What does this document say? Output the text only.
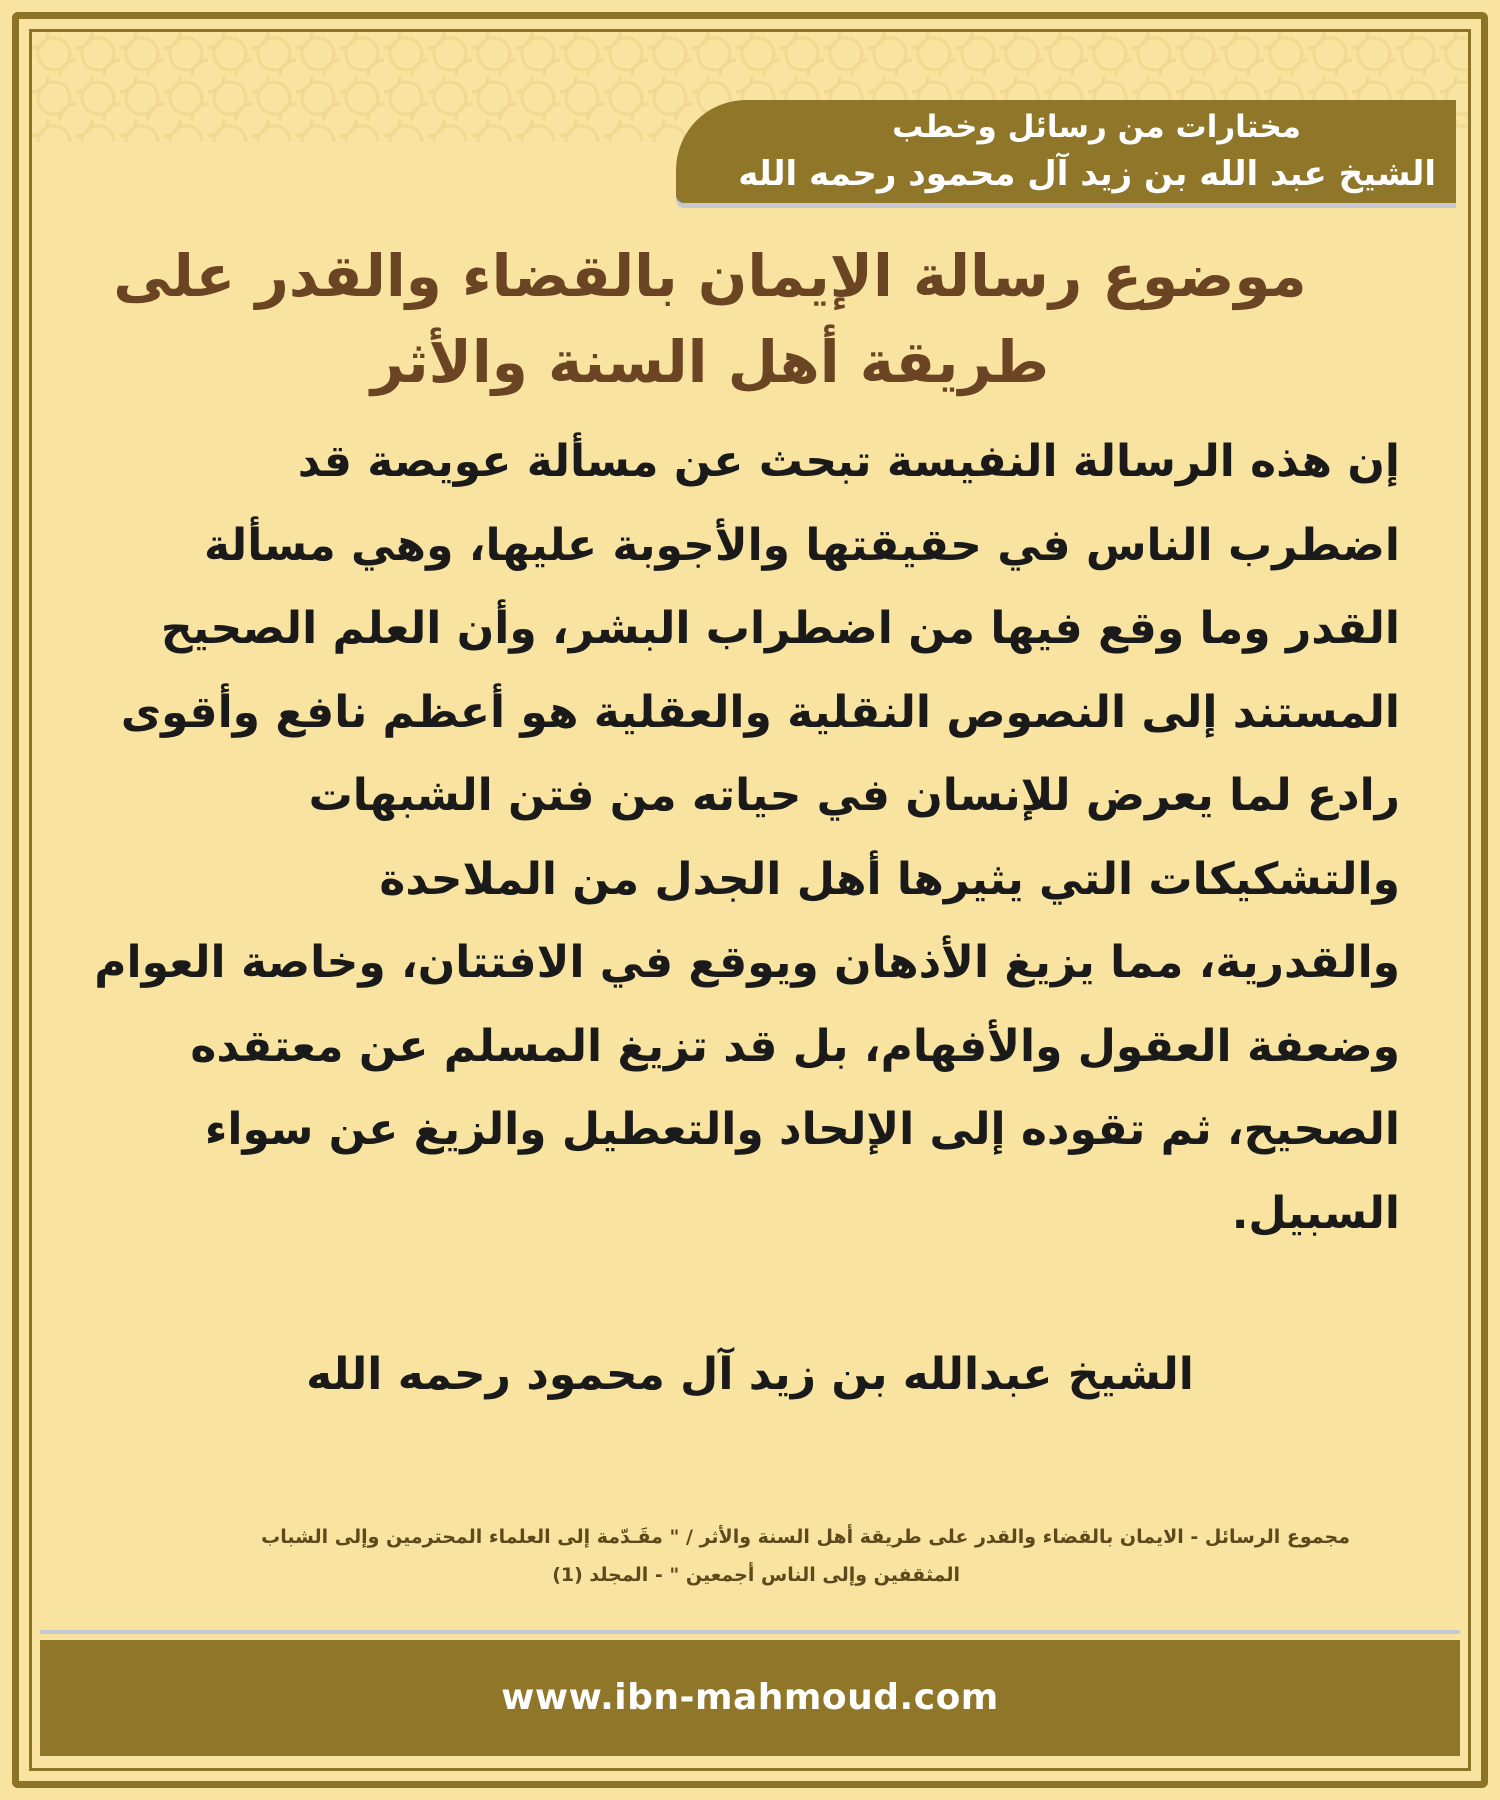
مختارات من رسائل وخطب
الشيخ عبد الله بن زيد آل محمود رحمه الله
موضوع رسالة الإيمان بالقضاء والقدر على
طريقة أهل السنة والأثر
إن هذه الرسالة النفيسة تبحث عن مسألة عويصة قد
اضطرب الناس في حقيقتها والأجوبة عليها، وهي مسألة
القدر وما وقع فيها من اضطراب البشر، وأن العلم الصحيح
المستند إلى النصوص النقلية والعقلية هو أعظم نافع وأقوى
رادع لما يعرض للإنسان في حياته من فتن الشبهات
والتشكيكات التي يثيرها أهل الجدل من الملاحدة
والقدرية، مما يزيغ الأذهان ويوقع في الافتتان، وخاصة العوام
وضعفة العقول والأفهام، بل قد تزيغ المسلم عن معتقده
الصحيح، ثم تقوده إلى الإلحاد والتعطيل والزيغ عن سواء
السبيل.
الشيخ عبدالله بن زيد آل محمود رحمه الله
مجموع الرسائل - الايمان بالقضاء والقدر على طريقة أهل السنة والأثر / " مقَـدّمة إلى العلماء المحترمين وإلى الشباب
المثقفين وإلى الناس أجمعين " - المجلد (1)
www.ibn-mahmoud.com
